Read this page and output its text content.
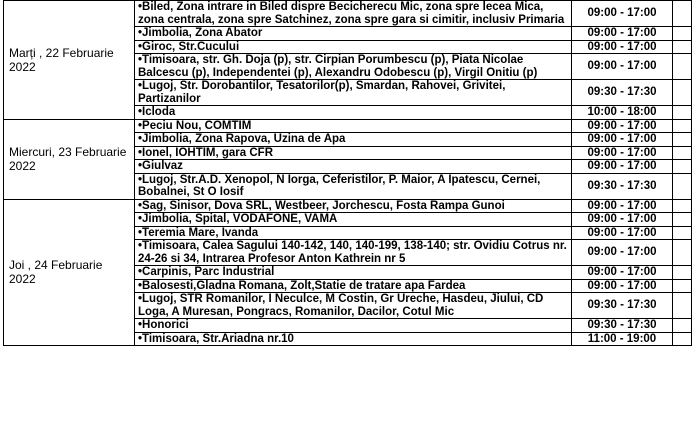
Marți , 22 Februarie 2022	•Biled, Zona intrare in Biled dispre Becicherecu Mic, zona spre lecea Mica, zona centrala, zona spre Satchinez, zona spre gara si cimitir, inclusiv Primaria	09:00 - 17:00	
	•Jimbolia, Zona Abator	09:00 - 17:00	
	•Giroc, Str.Cucului	09:00 - 17:00	
	•Timisoara, str. Gh. Doja (p), str. Cirpian Porumbescu (p), Piata Nicolae Balcescu (p), Independentei (p), Alexandru Odobescu (p), Virgil Onitiu (p)	09:00 - 17:00	
	•Lugoj, Str. Dorobantilor, Tesatorilor(p), Smardan, Rahovei, Grivitei, Partizanilor	09:30 - 17:30	
	•Icloda	10:00 - 18:00	
Miercuri, 23 Februarie 2022	•Peciu Nou, COMTIM	09:00 - 17:00	
	•Jimbolia, Zona Rapova, Uzina de Apa	09:00 - 17:00	
	•Ionel, IOHTIM, gara CFR	09:00 - 17:00	
	•Giulvaz	09:00 - 17:00	
	•Lugoj, Str.A.D. Xenopol, N Iorga, Ceferistilor, P. Maior, A Ipatescu, Cernei, Bobalnei, St O Iosif	09:30 - 17:30	
Joi , 24 Februarie 2022	•Sag, Sinisor, Dova SRL, Westbeer, Jorchescu, Fosta Rampa Gunoi	09:00 - 17:00	
	•Jimbolia, Spital, VODAFONE, VAMA	09:00 - 17:00	
	•Teremia Mare, Ivanda	09:00 - 17:00	
	•Timisoara, Calea Sagului 140-142, 140, 140-199, 138-140; str. Ovidiu Cotrus nr. 24-26 si 34, Intrarea Profesor Anton Kathrein nr 5	09:00 - 17:00	
	•Carpinis, Parc Industrial	09:00 - 17:00	
	•Balosesti,Gladna Romana, Zolt,Statie de tratare apa Fardea	09:00 - 17:00	
	•Lugoj, STR Romanilor, I Neculce, M Costin, Gr Ureche, Hasdeu, Jiului, CD Loga, A Muresan, Pongracs, Romanilor, Dacilor, Cotul Mic	09:30 - 17:30	
	•Honorici	09:30 - 17:30	
	•Timisoara, Str.Ariadna nr.10	11:00 - 19:00	
